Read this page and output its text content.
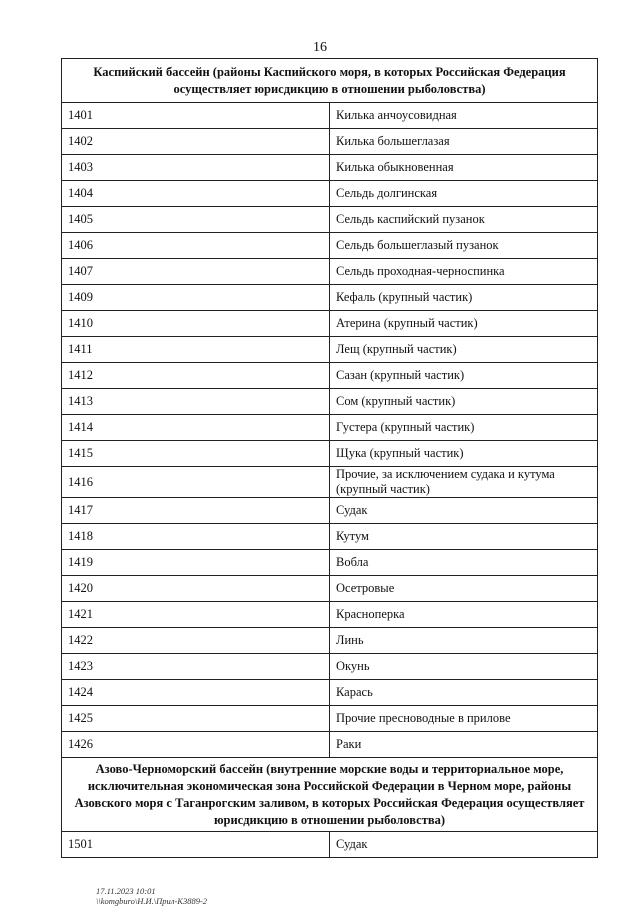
16
Каспийский бассейн (районы Каспийского моря, в которых Российская Федерация осуществляет юрисдикцию в отношении рыболовства)	
1401	Килька анчоусовидная
1402	Килька большеглазая
1403	Килька обыкновенная
1404	Сельдь долгинская
1405	Сельдь каспийский пузанок
1406	Сельдь большеглазый пузанок
1407	Сельдь проходная-черноспинка
1409	Кефаль (крупный частик)
1410	Атерина (крупный частик)
1411	Лещ (крупный частик)
1412	Сазан (крупный частик)
1413	Сом (крупный частик)
1414	Густера (крупный частик)
1415	Щука (крупный частик)
1416	Прочие, за исключением судака и кутума (крупный частик)
1417	Судак
1418	Кутум
1419	Вобла
1420	Осетровые
1421	Красноперка
1422	Линь
1423	Окунь
1424	Карась
1425	Прочие пресноводные в прилове
1426	Раки
Азово-Черноморский бассейн (внутренние морские воды и территориальное море, исключительная экономическая зона Российской Федерации в Черном море, районы Азовского моря с Таганрогским заливом, в которых Российская Федерация осуществляет юрисдикцию в отношении рыболовства)	
1501	Судак
17.11.2023 10:01
\\komgburo\Н.И.\Прил-К3889-2
